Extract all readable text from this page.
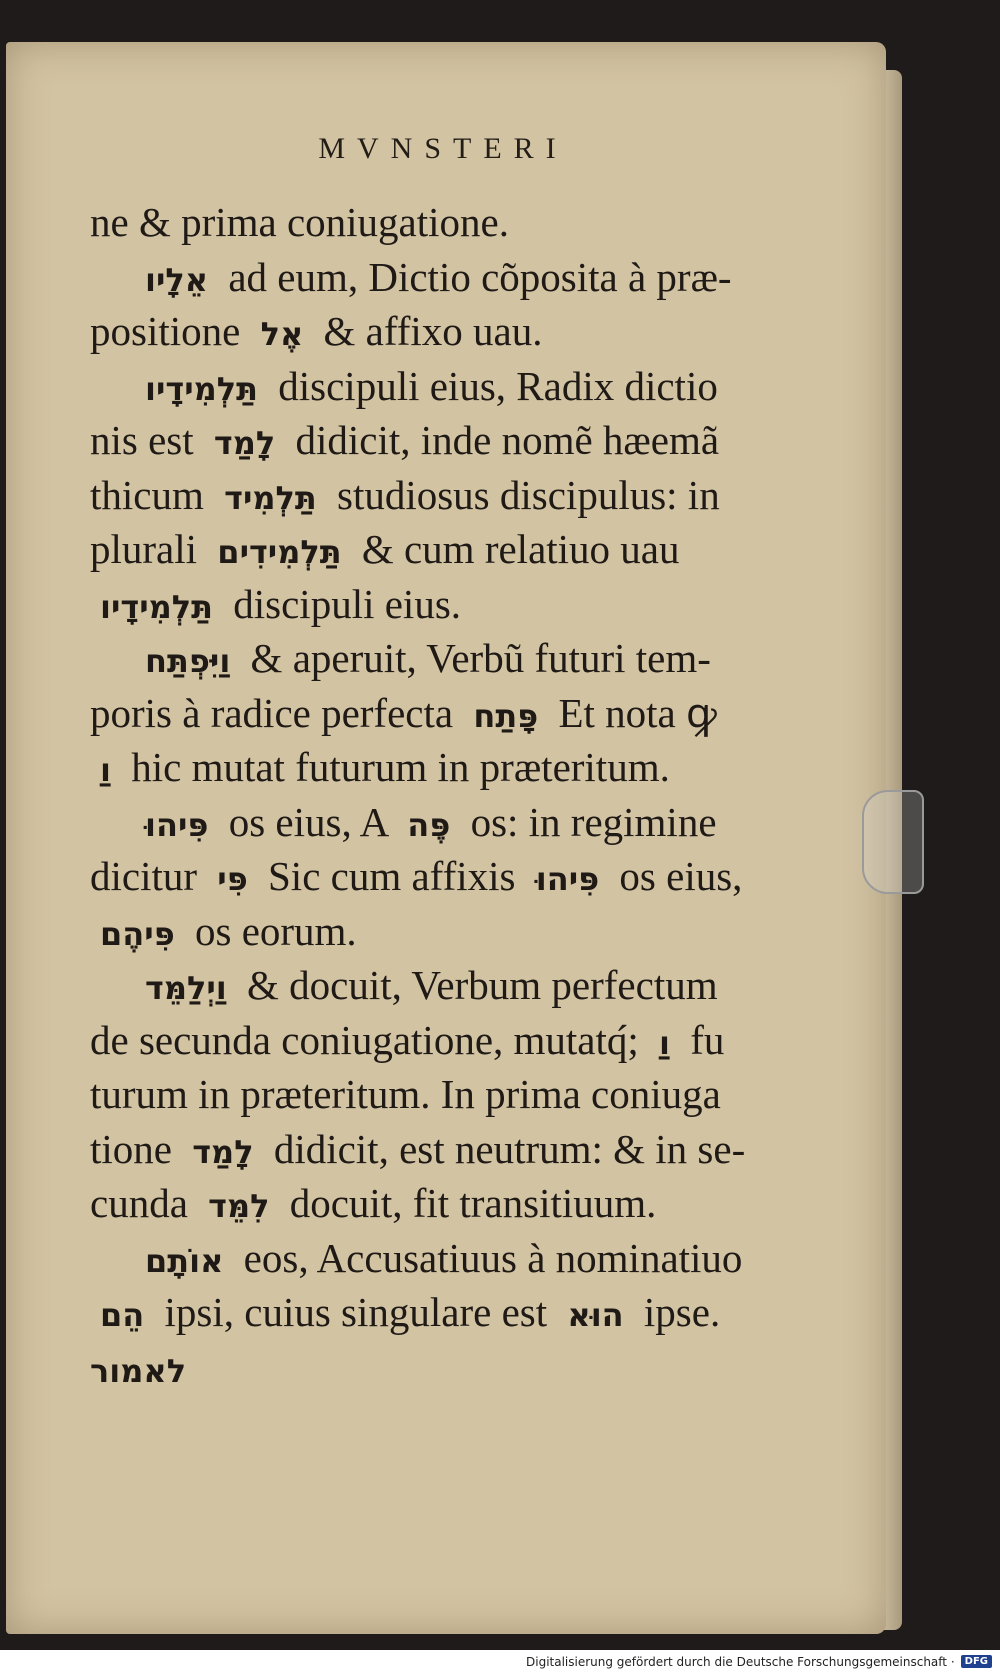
MVNSTERI
ne & prima coniugatione.
אֵלָיו ad eum, Dictio cõposita à præ-
positione אֶל & affixo uau.
תַּלְמִידָיו discipuli eius, Radix dictio
nis est לָמַד didicit, inde nomẽ hæemã
thicum תַּלְמִיד studiosus discipulus: in
plurali תַּלְמִידִים & cum relatiuo uau
תַּלְמִידָיו discipuli eius.
וַיִּפְתַּח & aperuit, Verbũ futuri tem-
poris à radice perfecta פָּתַח Et nota ꝙ
וַ hic mutat futurum in præteritum.
פִּיהוּ os eius, A פֶּה os: in regimine
dicitur פִּי Sic cum affixis פִּיהוּ os eius,
פִּיהֶם os eorum.
וַיְלַמֵּד & docuit, Verbum perfectum
de secunda coniugatione, mutatq́; וַ fu
turum in præteritum. In prima coniuga
tione לָמַד didicit, est neutrum: & in se-
cunda לִמֵּד docuit, fit transitiuum.
אוֹתָם eos, Accusatiuus à nominatiuo
הֵם ipsi, cuius singulare est הוּא ipse.
לאמור
Digitalisierung gefördert durch die Deutsche Forschungsgemeinschaft ·	DFG
